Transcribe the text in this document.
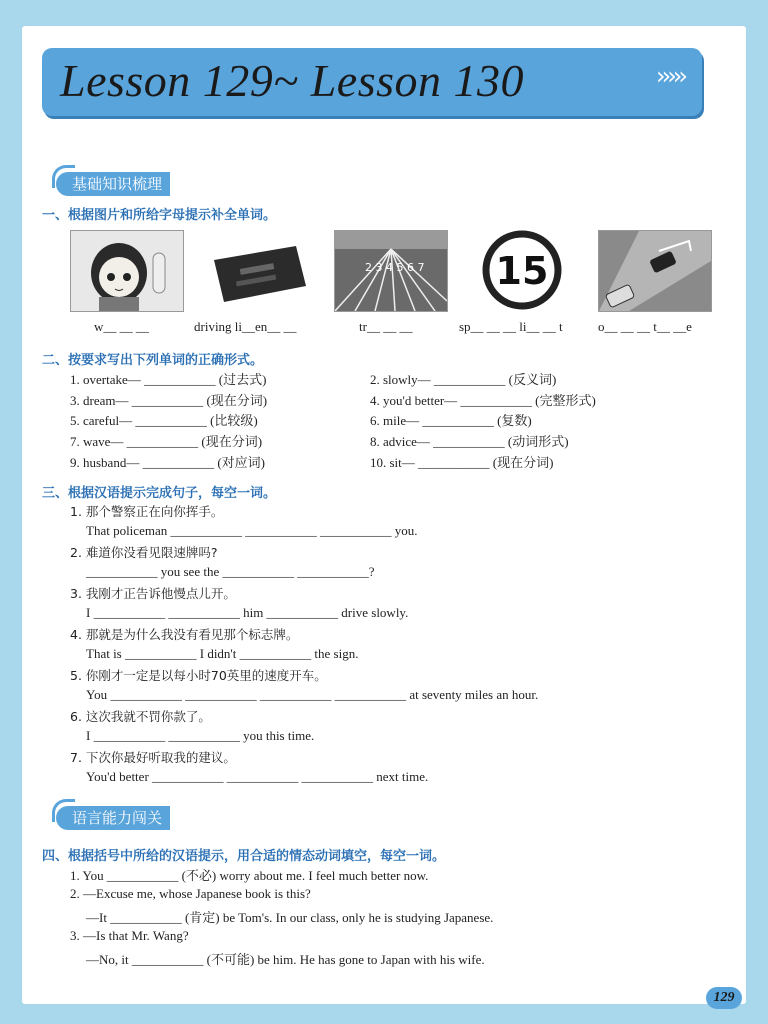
Lesson 129~ Lesson 130	›››››
基础知识梳理
一、根据图片和所给字母提示补全单词。
2 3 4 5 6 7 15
w__ __ __	driving li__en__ __	tr__ __ __	sp__ __ __ li__ __ t	o__ __ __ t__ __e
二、按要求写出下列单词的正确形式。
1. overtake— ___________ (过去式)	2. slowly— ___________ (反义词)
3. dream— ___________ (现在分词)	4. you'd better— ___________ (完整形式)
5. careful— ___________ (比较级)	6. mile— ___________ (复数)
7. wave— ___________ (现在分词)	8. advice— ___________ (动词形式)
9. husband— ___________ (对应词)	10. sit— ___________ (现在分词)
三、根据汉语提示完成句子，每空一词。
1. 那个警察正在向你挥手。
That policeman ___________ ___________ ___________ you.
2. 难道你没看见限速牌吗?
___________ you see the ___________ ___________?
3. 我刚才正告诉他慢点儿开。
I ___________ ___________ him ___________ drive slowly.
4. 那就是为什么我没有看见那个标志牌。
That is ___________ I didn't ___________ the sign.
5. 你刚才一定是以每小时70英里的速度开车。
You ___________ ___________ ___________ ___________ at seventy miles an hour.
6. 这次我就不罚你款了。
I ___________ ___________ you this time.
7. 下次你最好听取我的建议。
You'd better ___________ ___________ ___________ next time.
语言能力闯关
四、根据括号中所给的汉语提示，用合适的情态动词填空，每空一词。
1. You ___________ (不必) worry about me. I feel much better now.
2. —Excuse me, whose Japanese book is this?
—It ___________ (肯定) be Tom's. In our class, only he is studying Japanese.
3. —Is that Mr. Wang?
—No, it ___________ (不可能) be him. He has gone to Japan with his wife.
129
